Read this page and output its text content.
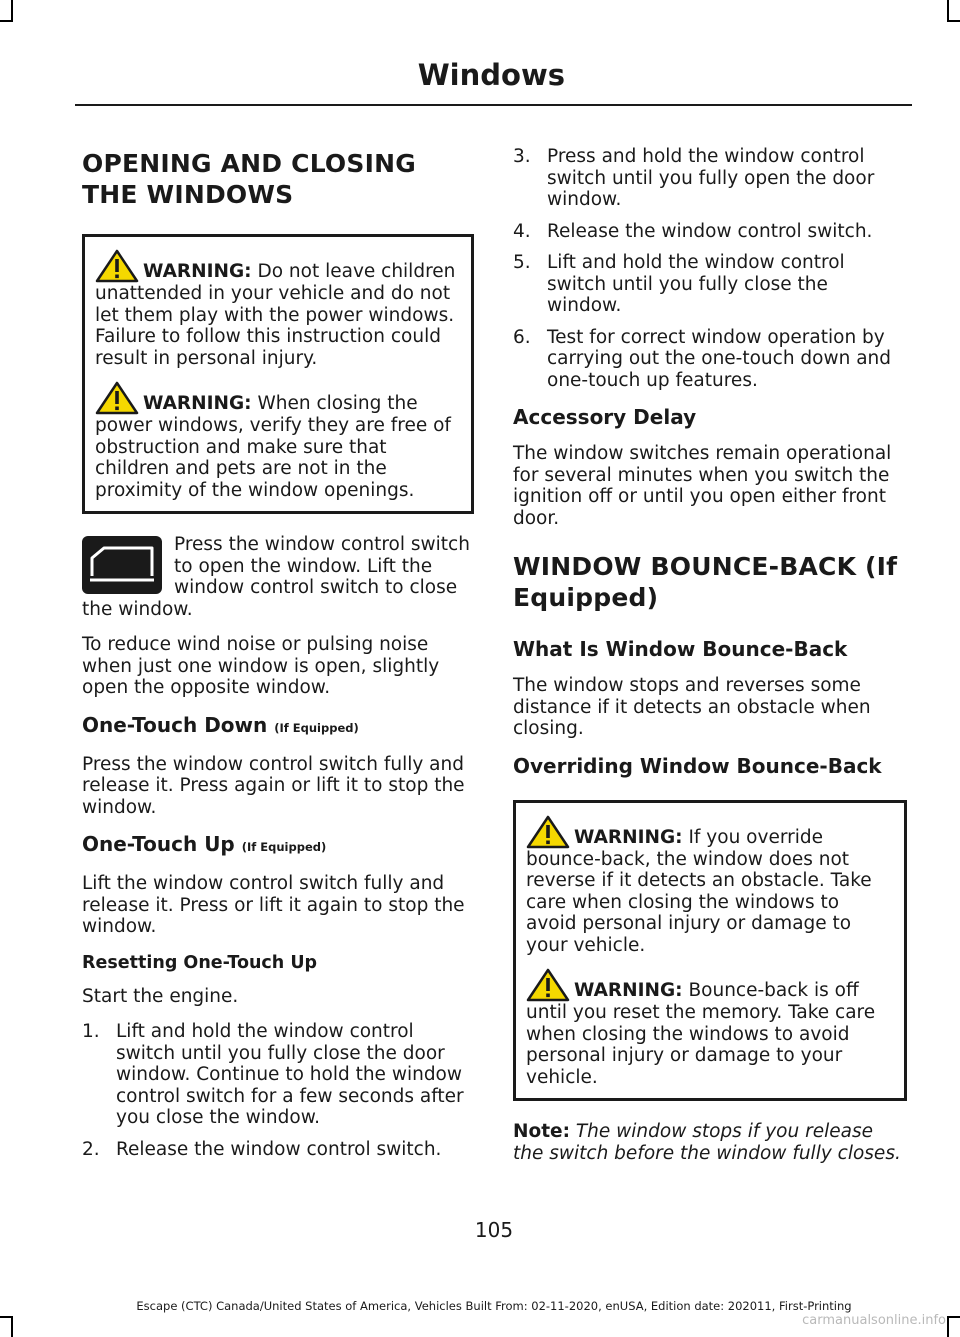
Windows
OPENING AND CLOSING THE WINDOWS

WARNING: Do not leave children unattended in your vehicle and do not let them play with the power windows. Failure to follow this instruction could result in personal injury.

WARNING: When closing the power windows, verify they are free of obstruction and make sure that children and pets are not in the proximity of the window openings.

Press the window control switch to open the window. Lift the window control switch to close the window.

To reduce wind noise or pulsing noise when just one window is open, slightly open the opposite window.

One-Touch Down (If Equipped)

Press the window control switch fully and release it. Press again or lift it to stop the window.

One-Touch Up (If Equipped)

Lift the window control switch fully and release it. Press or lift it again to stop the window.

Resetting One-Touch Up

Start the engine.

1. Lift and hold the window control switch until you fully close the door window. Continue to hold the window control switch for a few seconds after you close the window.
2. Release the window control switch.
3. Press and hold the window control switch until you fully open the door window.
4. Release the window control switch.
5. Lift and hold the window control switch until you fully close the window.
6. Test for correct window operation by carrying out the one-touch down and one-touch up features.
Accessory Delay

The window switches remain operational for several minutes when you switch the ignition off or until you open either front door.

WINDOW BOUNCE-BACK (If Equipped)
What Is Window Bounce-Back

The window stops and reverses some distance if it detects an obstacle when closing.

Overriding Window Bounce-Back

WARNING: If you override bounce-back, the window does not reverse if it detects an obstacle. Take care when closing the windows to avoid personal injury or damage to your vehicle.

WARNING: Bounce-back is off until you reset the memory. Take care when closing the windows to avoid personal injury or damage to your vehicle.

Note: The window stops if you release the switch before the window fully closes.

105
Escape (CTC) Canada/United States of America, Vehicles Built From: 02-11-2020, enUSA, Edition date: 202011, First-Printing
carmanualsonline.info
